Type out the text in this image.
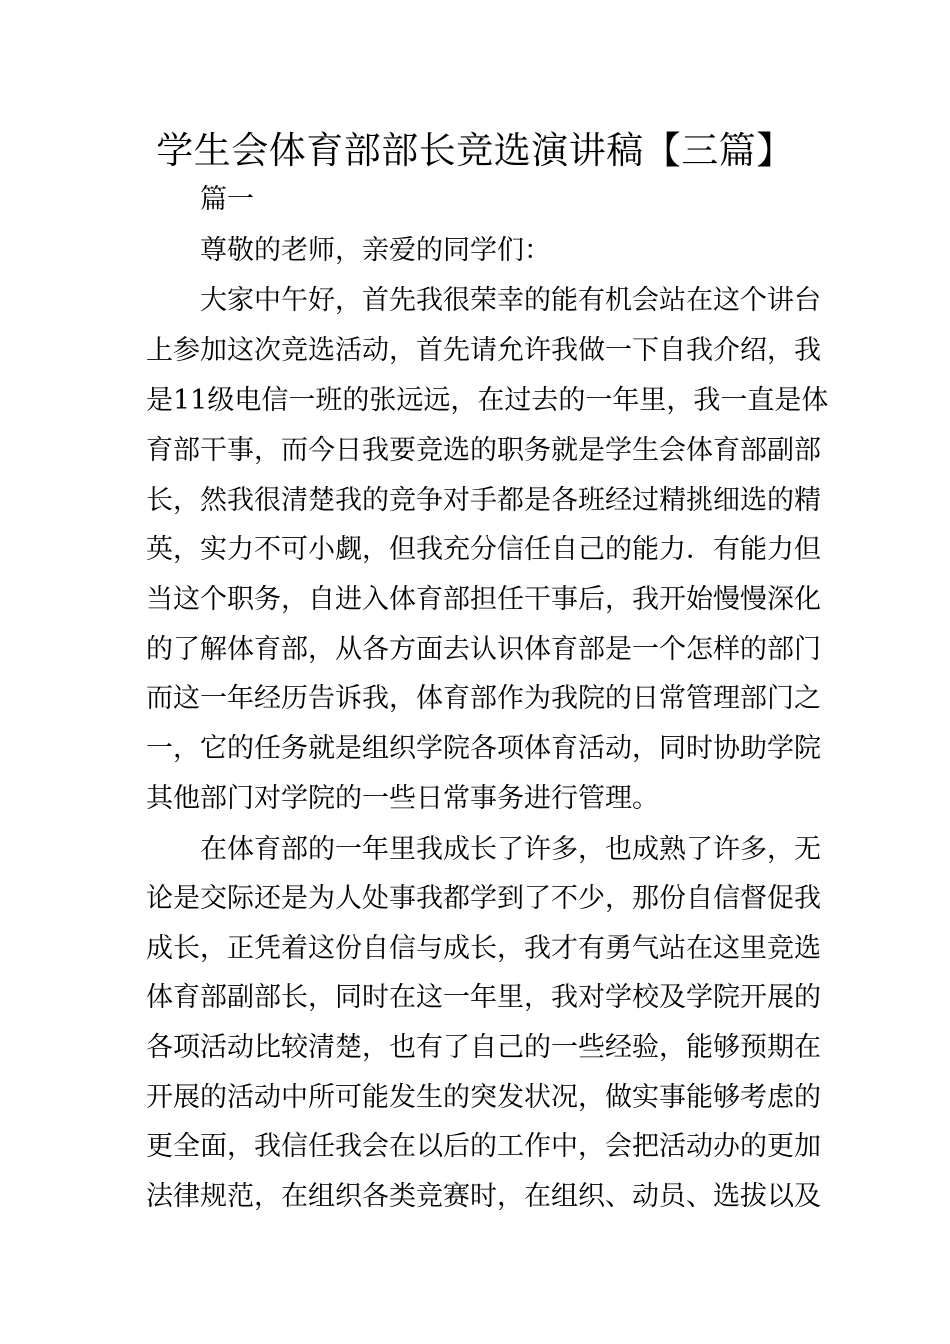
学生会体育部部长竞选演讲稿【三篇】

篇一

尊敬的老师，亲爱的同学们：

大家中午好，首先我很荣幸的能有机会站在这个讲台

上参加这次竞选活动，首先请允许我做一下自我介绍，我

是11级电信一班的张远远，在过去的一年里，我一直是体

育部干事，而今日我要竞选的职务就是学生会体育部副部

长，然我很清楚我的竞争对手都是各班经过精挑细选的精

英，实力不可小觑，但我充分信任自己的能力．有能力但

当这个职务，自进入体育部担任干事后，我开始慢慢深化

的了解体育部，从各方面去认识体育部是一个怎样的部门

而这一年经历告诉我，体育部作为我院的日常管理部门之

一，它的任务就是组织学院各项体育活动，同时协助学院

其他部门对学院的一些日常事务进行管理。

在体育部的一年里我成长了许多，也成熟了许多，无

论是交际还是为人处事我都学到了不少，那份自信督促我

成长，正凭着这份自信与成长，我才有勇气站在这里竞选

体育部副部长，同时在这一年里，我对学校及学院开展的

各项活动比较清楚，也有了自己的一些经验，能够预期在

开展的活动中所可能发生的突发状况，做实事能够考虑的

更全面，我信任我会在以后的工作中，会把活动办的更加

法律规范，在组织各类竞赛时，在组织、动员、选拔以及
